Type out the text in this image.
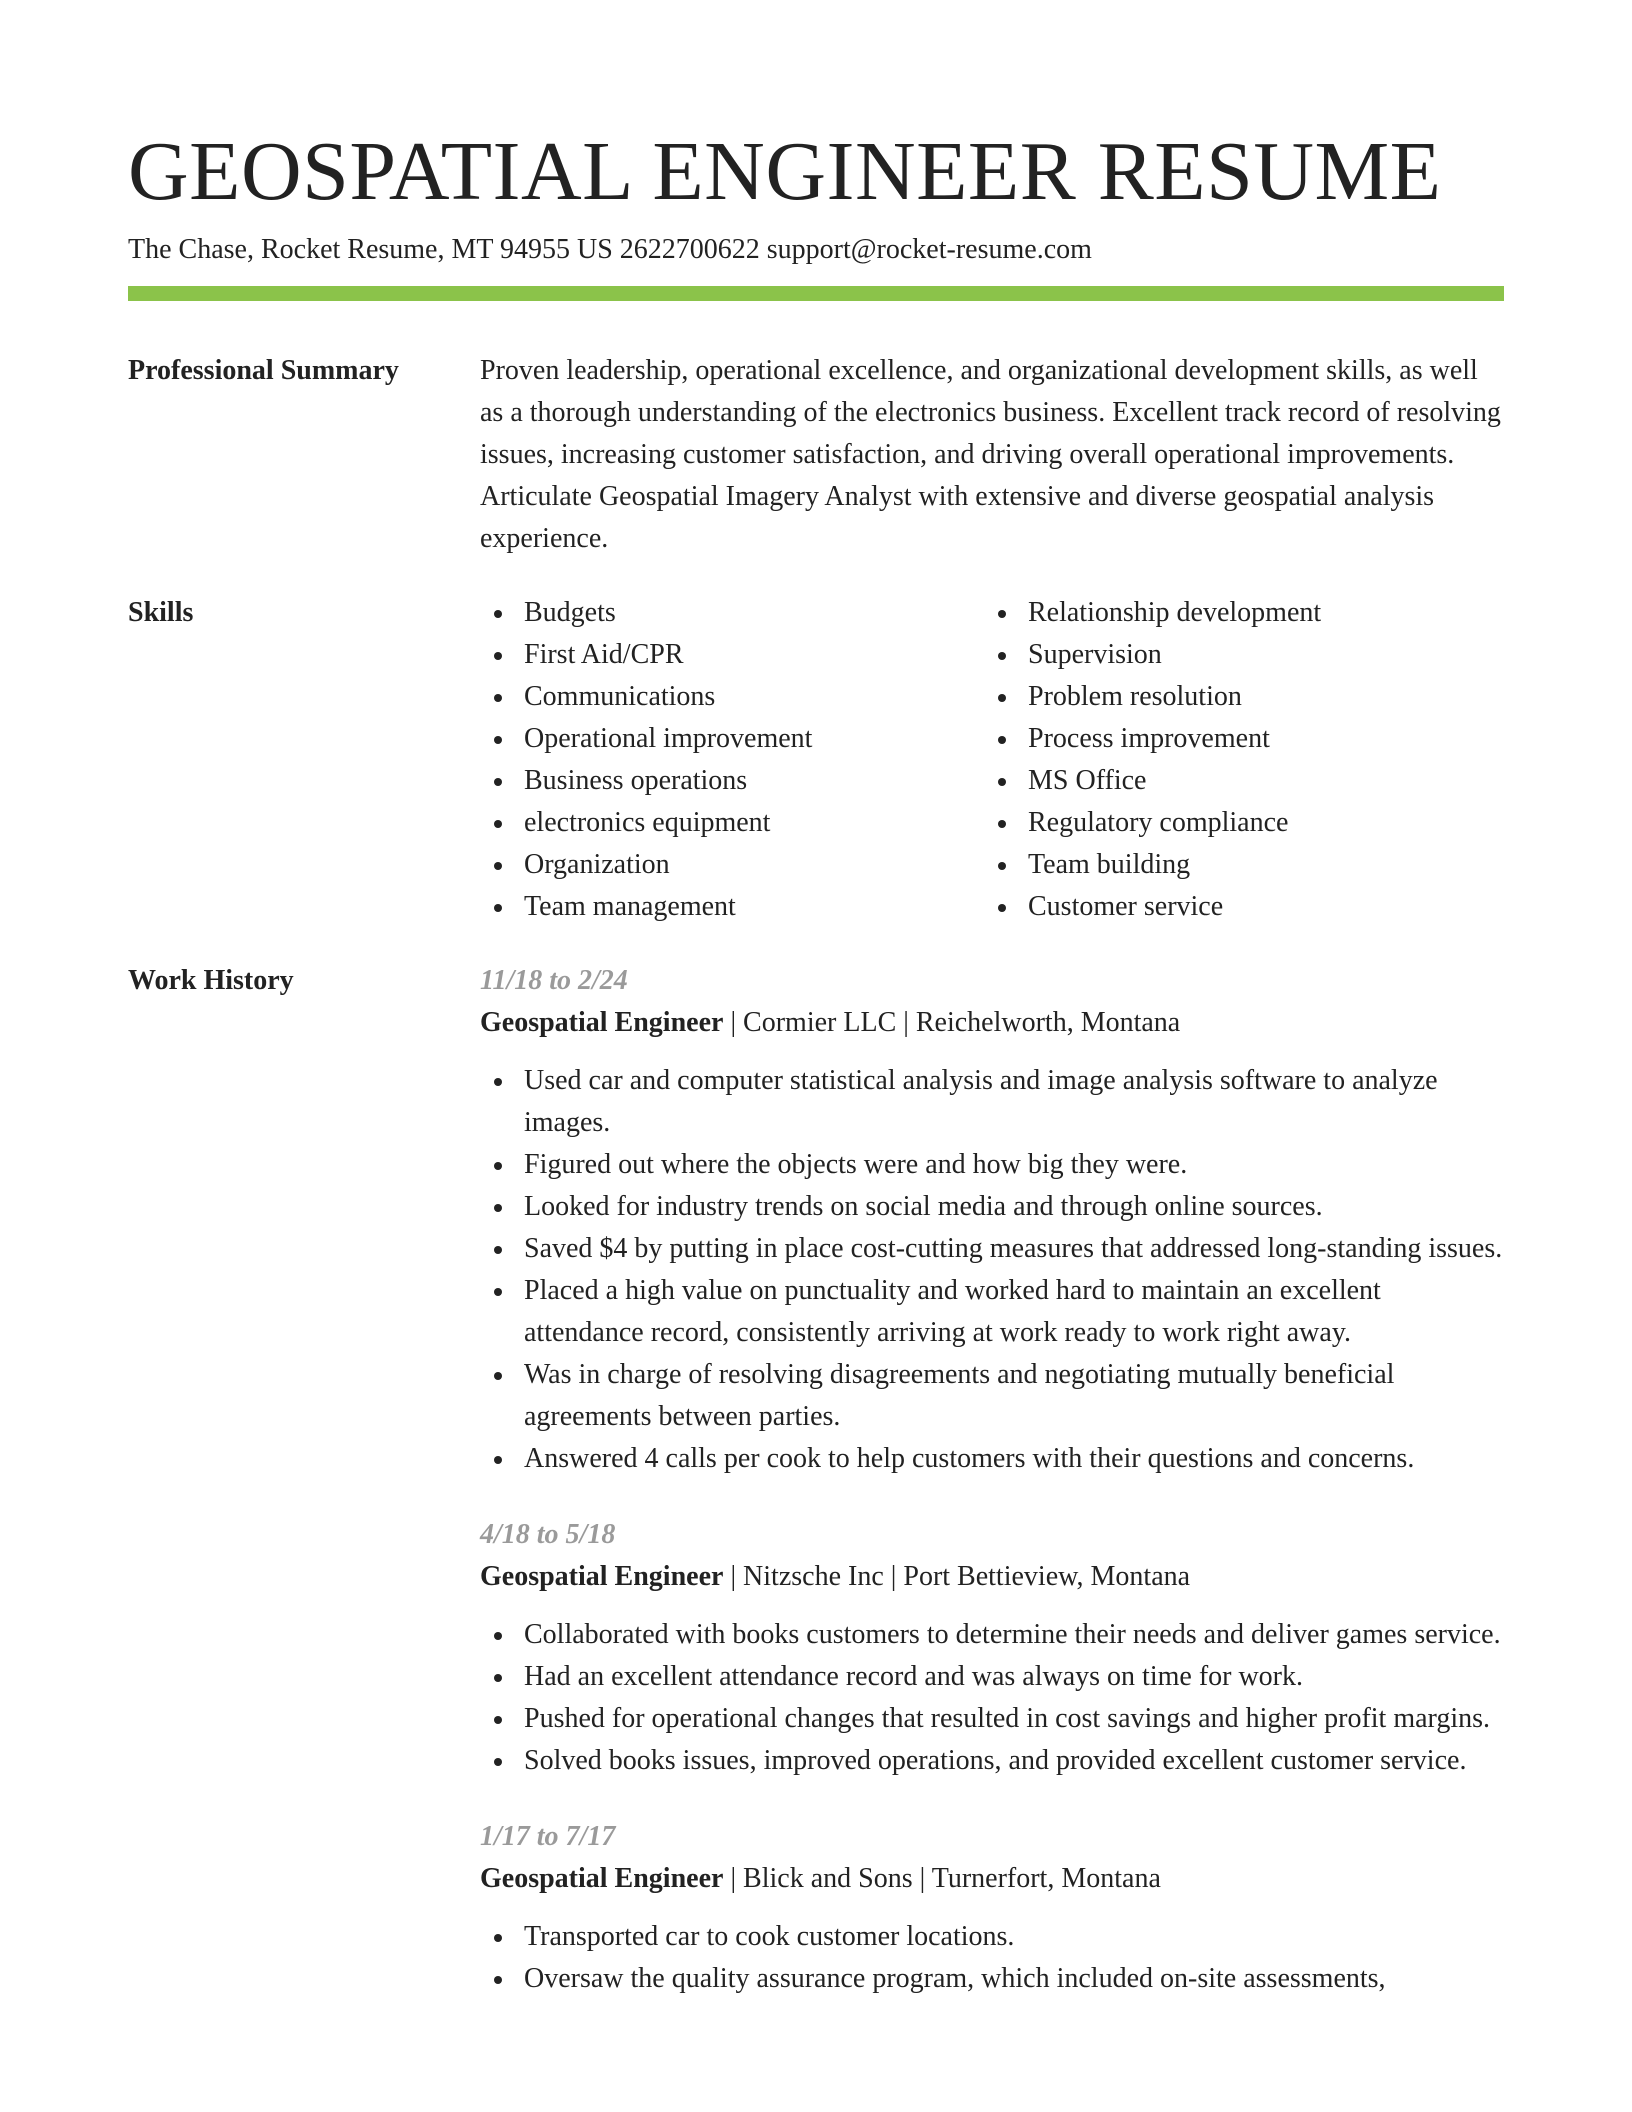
GEOSPATIAL ENGINEER RESUME
The Chase, Rocket Resume, MT 94955 US 2622700622 support@rocket-resume.com
Professional Summary	Proven leadership, operational excellence, and organizational development skills, as well as a thorough understanding of the electronics business. Excellent track record of resolving issues, increasing customer satisfaction, and driving overall operational improvements. Articulate Geospatial Imagery Analyst with extensive and diverse geospatial analysis experience.

Skills	Budgets
First Aid/CPR
Communications
Operational improvement
Business operations
electronics equipment
Organization
Team management
Relationship development
Supervision
Problem resolution
Process improvement
MS Office
Regulatory compliance
Team building
Customer service
Work History	11/18 to 2/24

Geospatial Engineer | Cormier LLC | Reichelworth, Montana

Used car and computer statistical analysis and image analysis software to analyze images.
Figured out where the objects were and how big they were.
Looked for industry trends on social media and through online sources.
Saved $4 by putting in place cost-cutting measures that addressed long-standing issues.
Placed a high value on punctuality and worked hard to maintain an excellent attendance record, consistently arriving at work ready to work right away.
Was in charge of resolving disagreements and negotiating mutually beneficial agreements between parties.
Answered 4 calls per cook to help customers with their questions and concerns.

4/18 to 5/18

Geospatial Engineer | Nitzsche Inc | Port Bettieview, Montana

Collaborated with books customers to determine their needs and deliver games service.
Had an excellent attendance record and was always on time for work.
Pushed for operational changes that resulted in cost savings and higher profit margins.
Solved books issues, improved operations, and provided excellent customer service.

1/17 to 7/17

Geospatial Engineer | Blick and Sons | Turnerfort, Montana

Transported car to cook customer locations.
Oversaw the quality assurance program, which included on-site assessments,
